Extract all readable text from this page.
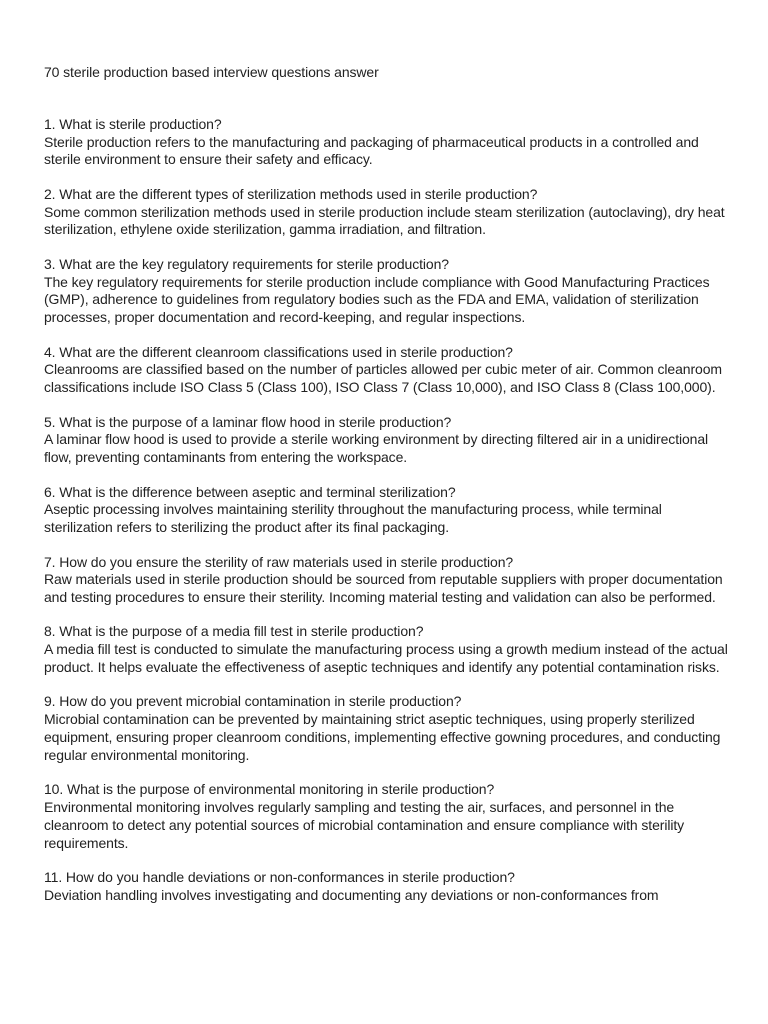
70 sterile production based interview questions answer

1. What is sterile production?

Sterile production refers to the manufacturing and packaging of pharmaceutical products in a controlled and sterile environment to ensure their safety and efficacy.

2. What are the different types of sterilization methods used in sterile production?

Some common sterilization methods used in sterile production include steam sterilization (autoclaving), dry heat sterilization, ethylene oxide sterilization, gamma irradiation, and filtration.

3. What are the key regulatory requirements for sterile production?

The key regulatory requirements for sterile production include compliance with Good Manufacturing Practices (GMP), adherence to guidelines from regulatory bodies such as the FDA and EMA, validation of sterilization processes, proper documentation and record-keeping, and regular inspections.

4. What are the different cleanroom classifications used in sterile production?

Cleanrooms are classified based on the number of particles allowed per cubic meter of air. Common cleanroom classifications include ISO Class 5 (Class 100), ISO Class 7 (Class 10,000), and ISO Class 8 (Class 100,000).

5. What is the purpose of a laminar flow hood in sterile production?

A laminar flow hood is used to provide a sterile working environment by directing filtered air in a unidirectional flow, preventing contaminants from entering the workspace.

6. What is the difference between aseptic and terminal sterilization?

Aseptic processing involves maintaining sterility throughout the manufacturing process, while terminal sterilization refers to sterilizing the product after its final packaging.

7. How do you ensure the sterility of raw materials used in sterile production?

Raw materials used in sterile production should be sourced from reputable suppliers with proper documentation and testing procedures to ensure their sterility. Incoming material testing and validation can also be performed.

8. What is the purpose of a media fill test in sterile production?

A media fill test is conducted to simulate the manufacturing process using a growth medium instead of the actual product. It helps evaluate the effectiveness of aseptic techniques and identify any potential contamination risks.

9. How do you prevent microbial contamination in sterile production?

Microbial contamination can be prevented by maintaining strict aseptic techniques, using properly sterilized equipment, ensuring proper cleanroom conditions, implementing effective gowning procedures, and conducting regular environmental monitoring.

10. What is the purpose of environmental monitoring in sterile production?

Environmental monitoring involves regularly sampling and testing the air, surfaces, and personnel in the cleanroom to detect any potential sources of microbial contamination and ensure compliance with sterility requirements.

11. How do you handle deviations or non-conformances in sterile production?

Deviation handling involves investigating and documenting any deviations or non-conformances from
